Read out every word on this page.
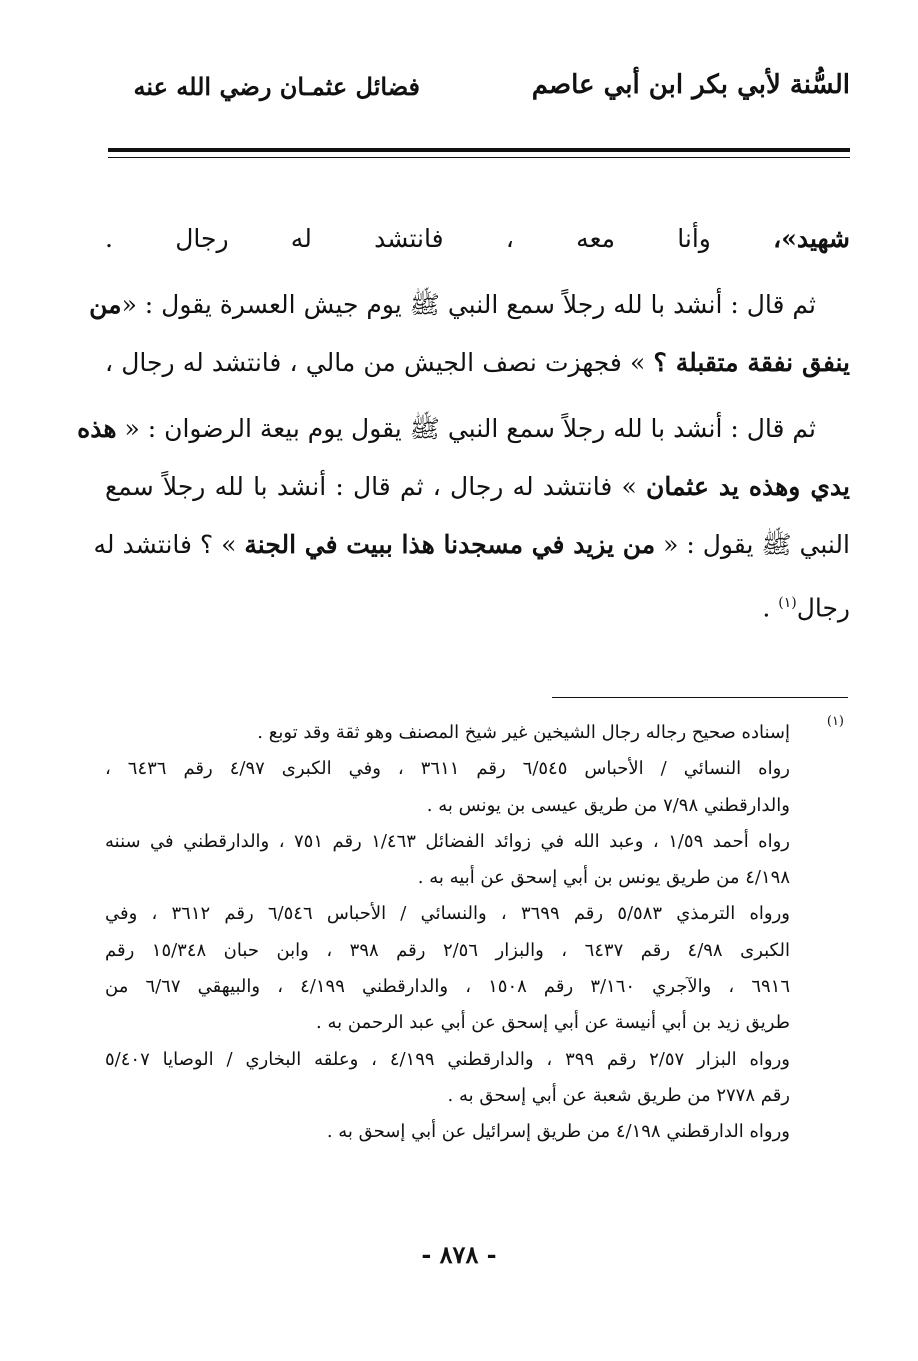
السُّنة لأبي بكر ابن أبي عاصم
فضائل عثمـان رضي الله عنه
شهيد»، وأنا معه ، فانتشد له رجال .
ثم قال : أنشد با لله رجلاً سمع النبي ﷺ يوم جيش العسرة يقول : «من
ينفق نفقة متقبلة ؟ » فجهزت نصف الجيش من مالي ، فانتشد له رجال ،
ثم قال : أنشد با لله رجلاً سمع النبي ﷺ يقول يوم بيعة الرضوان : « هذه
يدي وهذه يد عثمان » فانتشد له رجال ، ثم قال : أنشد با لله رجلاً سمع
النبي ﷺ يقول : « من يزيد في مسجدنا هذا ببيت في الجنة » ؟ فانتشد له
رجال$^{(١)}$ .
(١)
إسناده صحيح رجاله رجال الشيخين غير شيخ المصنف وهو ثقة وقد توبع .
رواه النسائي / الأحباس ٦/٥٤٥ رقم ٣٦١١ ، وفي الكبرى ٤/٩٧ رقم ٦٤٣٦ ،
والدارقطني ٧/٩٨ من طريق عيسى بن يونس به .
رواه أحمد ١/٥٩ ، وعبد الله في زوائد الفضائل ١/٤٦٣ رقم ٧٥١ ، والدارقطني في سننه
٤/١٩٨ من طريق يونس بن أبي إسحق عن أبيه به .
ورواه الترمذي ٥/٥٨٣ رقم ٣٦٩٩ ، والنسائي / الأحباس ٦/٥٤٦ رقم ٣٦١٢ ، وفي
الكبرى ٤/٩٨ رقم ٦٤٣٧ ، والبزار ٢/٥٦ رقم ٣٩٨ ، وابن حبان ١٥/٣٤٨ رقم
٦٩١٦ ، والآجري ٣/١٦٠ رقم ١٥٠٨ ، والدارقطني ٤/١٩٩ ، والبيهقي ٦/٦٧ من
طريق زيد بن أبي أنيسة عن أبي إسحق عن أبي عبد الرحمن به .
ورواه البزار ٢/٥٧ رقم ٣٩٩ ، والدارقطني ٤/١٩٩ ، وعلقه البخاري / الوصايا ٥/٤٠٧
رقم ٢٧٧٨ من طريق شعبة عن أبي إسحق به .
ورواه الدارقطني ٤/١٩٨ من طريق إسرائيل عن أبي إسحق به .
- ٨٧٨ -
